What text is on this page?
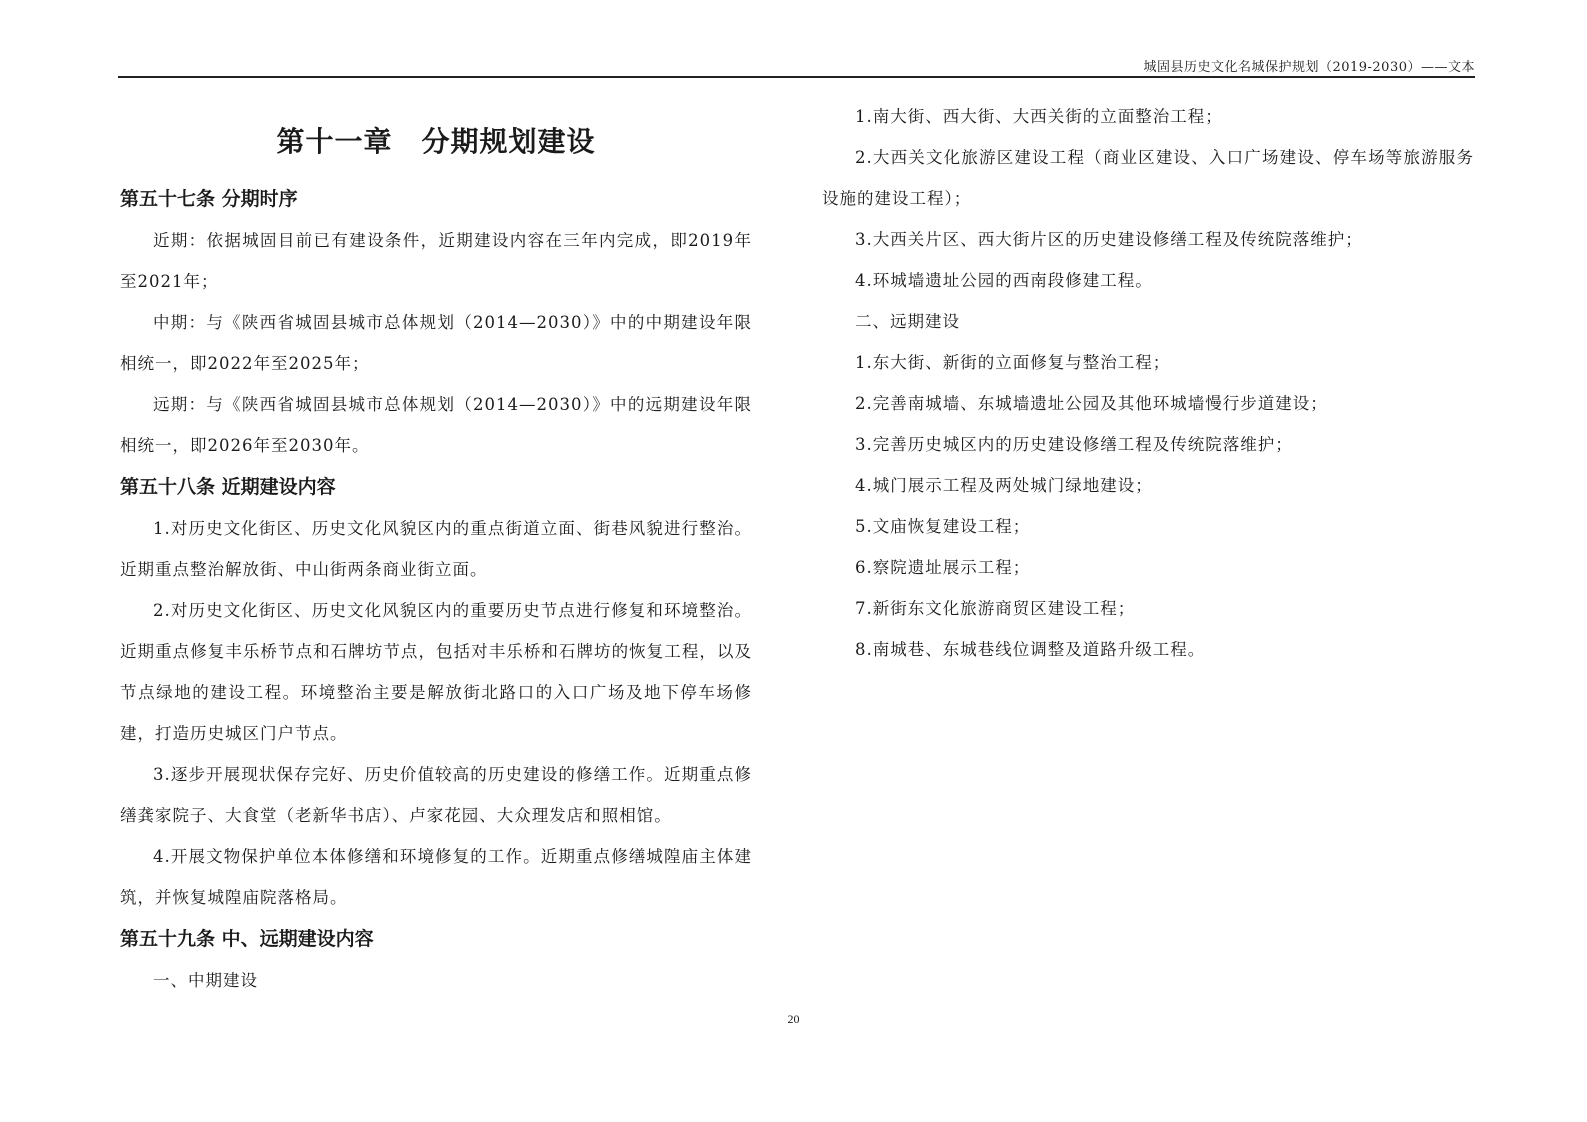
城固县历史文化名城保护规划（2019-2030）——文本
第十一章　分期规划建设
第五十七条 分期时序

近期：依据城固目前已有建设条件，近期建设内容在三年内完成，即2019年至2021年；

中期：与《陕西省城固县城市总体规划（2014—2030）》中的中期建设年限相统一，即2022年至2025年；

远期：与《陕西省城固县城市总体规划（2014—2030）》中的远期建设年限相统一，即2026年至2030年。

第五十八条 近期建设内容

1.对历史文化街区、历史文化风貌区内的重点街道立面、街巷风貌进行整治。近期重点整治解放街、中山街两条商业街立面。

2.对历史文化街区、历史文化风貌区内的重要历史节点进行修复和环境整治。近期重点修复丰乐桥节点和石牌坊节点，包括对丰乐桥和石牌坊的恢复工程，以及节点绿地的建设工程。环境整治主要是解放街北路口的入口广场及地下停车场修建，打造历史城区门户节点。

3.逐步开展现状保存完好、历史价值较高的历史建设的修缮工作。近期重点修缮龚家院子、大食堂（老新华书店）、卢家花园、大众理发店和照相馆。

4.开展文物保护单位本体修缮和环境修复的工作。近期重点修缮城隍庙主体建筑，并恢复城隍庙院落格局。

第五十九条 中、远期建设内容

一、中期建设

1.南大街、西大街、大西关街的立面整治工程；

2.大西关文化旅游区建设工程（商业区建设、入口广场建设、停车场等旅游服务设施的建设工程）；

3.大西关片区、西大街片区的历史建设修缮工程及传统院落维护；

4.环城墙遗址公园的西南段修建工程。

二、远期建设

1.东大街、新街的立面修复与整治工程；

2.完善南城墙、东城墙遗址公园及其他环城墙慢行步道建设；

3.完善历史城区内的历史建设修缮工程及传统院落维护；

4.城门展示工程及两处城门绿地建设；

5.文庙恢复建设工程；

6.察院遗址展示工程；

7.新街东文化旅游商贸区建设工程；

8.南城巷、东城巷线位调整及道路升级工程。

20
